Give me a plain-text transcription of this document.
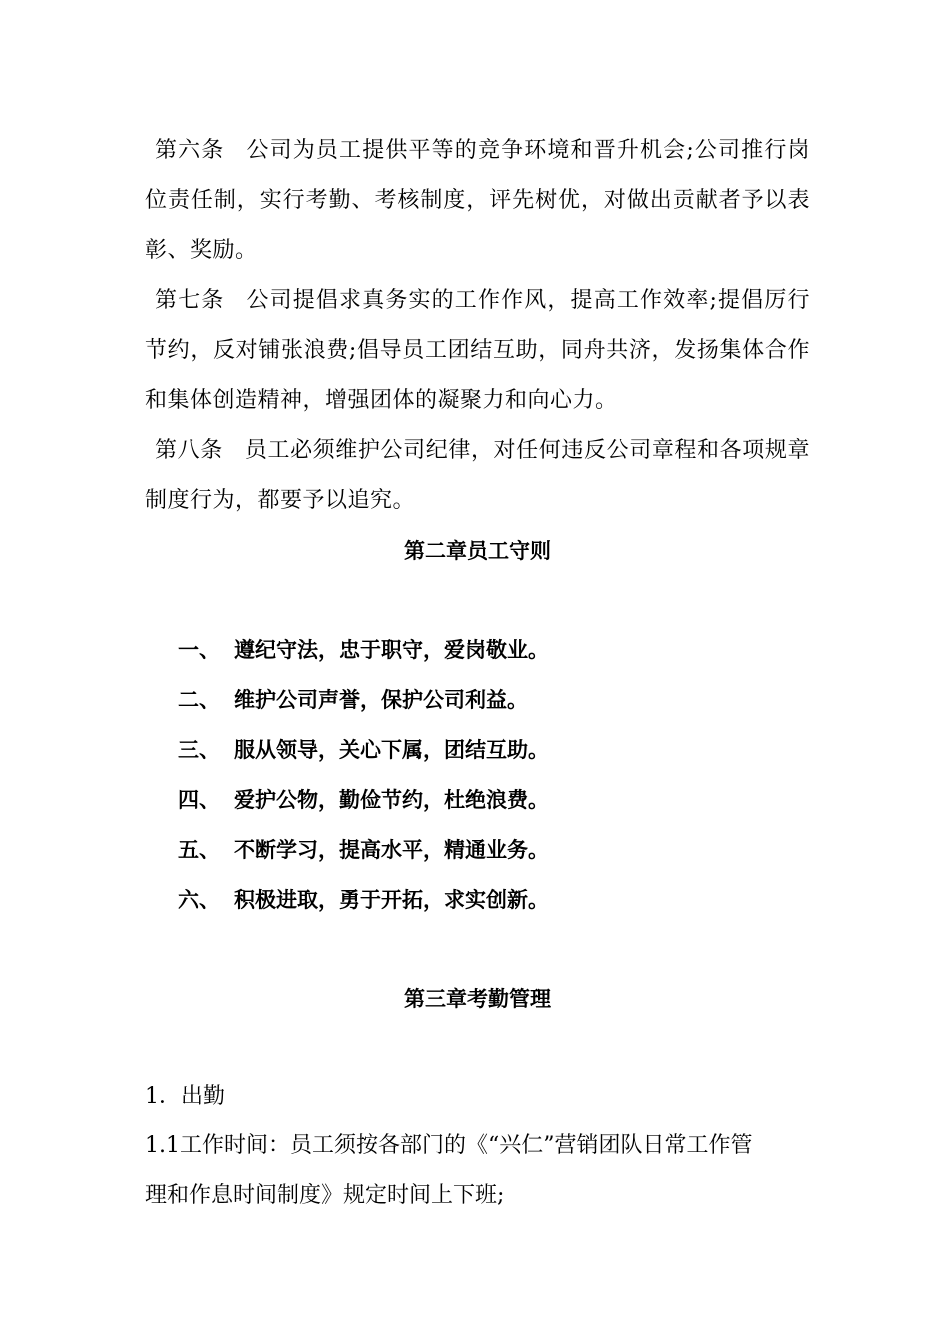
第六条 公司为员工提供平等的竞争环境和晋升机会;公司推行岗位责任制，实行考勤、考核制度，评先树优，对做出贡献者予以表彰、奖励。

第七条 公司提倡求真务实的工作作风，提高工作效率;提倡厉行节约，反对铺张浪费;倡导员工团结互助，同舟共济，发扬集体合作和集体创造精神，增强团体的凝聚力和向心力。

第八条 员工必须维护公司纪律，对任何违反公司章程和各项规章制度行为，都要予以追究。

第二章员工守则
一、 遵纪守法，忠于职守，爱岗敬业。
二、 维护公司声誉，保护公司利益。
三、 服从领导，关心下属，团结互助。
四、 爱护公物，勤俭节约，杜绝浪费。
五、 不断学习，提高水平，精通业务。
六、 积极进取，勇于开拓，求实创新。
第三章考勤管理

1．出勤

1.1工作时间：员工须按各部门的《“兴仁”营销团队日常工作管

理和作息时间制度》规定时间上下班;
